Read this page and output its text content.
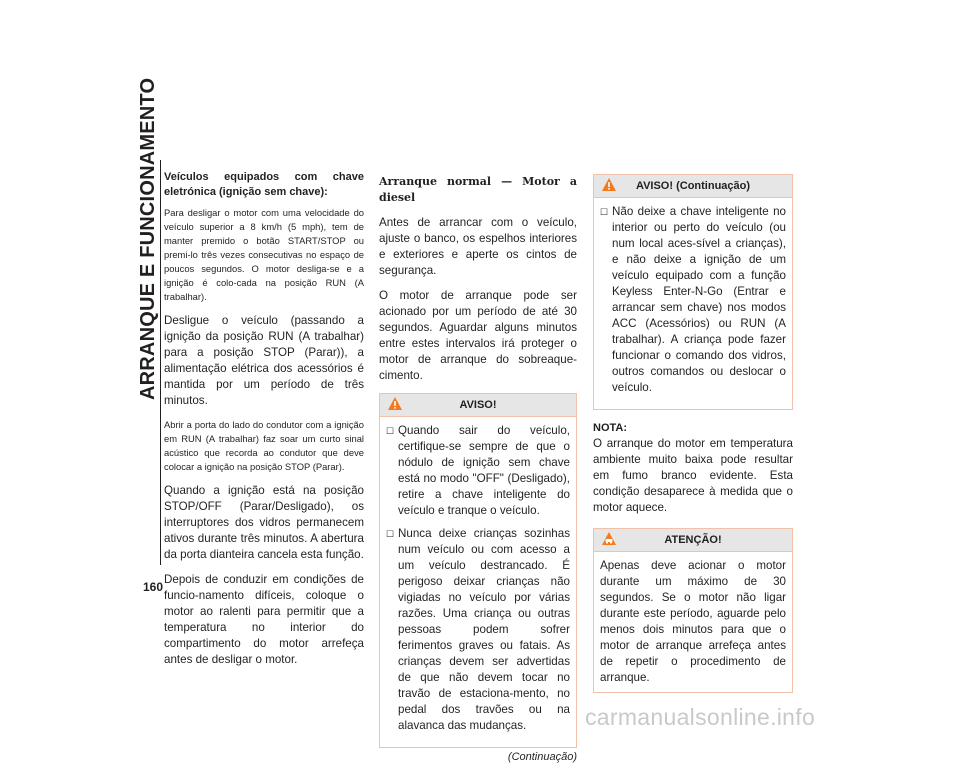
ARRANQUE E FUNCIONAMENTO
160

Veículos equipados com chave eletrónica (ignição sem chave):

Para desligar o motor com uma velocidade do veículo superior a 8 km/h (5 mph), tem de manter premido o botão START/STOP ou premi-lo três vezes consecutivas no espaço de poucos segundos. O motor desliga-se e a ignição é colo-cada na posição RUN (A trabalhar).

Desligue o veículo (passando a ignição da posição RUN (A trabalhar) para a posição STOP (Parar)), a alimentação elétrica dos acessórios é mantida por um período de três minutos.

Abrir a porta do lado do condutor com a ignição em RUN (A trabalhar) faz soar um curto sinal acústico que recorda ao condutor que deve colocar a ignição na posição STOP (Parar).

Quando a ignição está na posição STOP/OFF (Parar/Desligado), os interruptores dos vidros permanecem ativos durante três minutos. A abertura da porta dianteira cancela esta função.

Depois de conduzir em condições de funcio-namento difíceis, coloque o motor ao ralenti para permitir que a temperatura no interior do compartimento do motor arrefeça antes de desligar o motor.

Arranque normal — Motor a diesel

Antes de arrancar com o veículo, ajuste o banco, os espelhos interiores e exteriores e aperte os cintos de segurança.

O motor de arranque pode ser acionado por um período de até 30 segundos. Aguardar alguns minutos entre estes intervalos irá proteger o motor de arranque do sobreaque-cimento.

AVISO!
☐ Quando sair do veículo, certifique-se sempre de que o nódulo de ignição sem chave está no modo "OFF" (Desligado), retire a chave inteligente do veículo e tranque o veículo.
☐ Nunca deixe crianças sozinhas num veículo ou com acesso a um veículo destrancado. É perigoso deixar crianças não vigiadas no veículo por várias razões. Uma criança ou outras pessoas podem sofrer ferimentos graves ou fatais. As crianças devem ser advertidas de que não devem tocar no travão de estaciona-mento, no pedal dos travões ou na alavanca das mudanças.
(Continuação)
AVISO! (Continuação)
☐ Não deixe a chave inteligente no interior ou perto do veículo (ou num local aces-sível a crianças), e não deixe a ignição de um veículo equipado com a função Keyless Enter-N-Go (Entrar e arrancar sem chave) nos modos ACC (Acessórios) ou RUN (A trabalhar). A criança pode fazer funcionar o comando dos vidros, outros comandos ou deslocar o veículo.
NOTA:

O arranque do motor em temperatura ambiente muito baixa pode resultar em fumo branco evidente. Esta condição desaparece à medida que o motor aquece.

ATENÇÃO!
Apenas deve acionar o motor durante um máximo de 30 segundos. Se o motor não ligar durante este período, aguarde pelo menos dois minutos para que o motor de arranque arrefeça antes de repetir o procedimento de arranque.
carmanualsonline.info
